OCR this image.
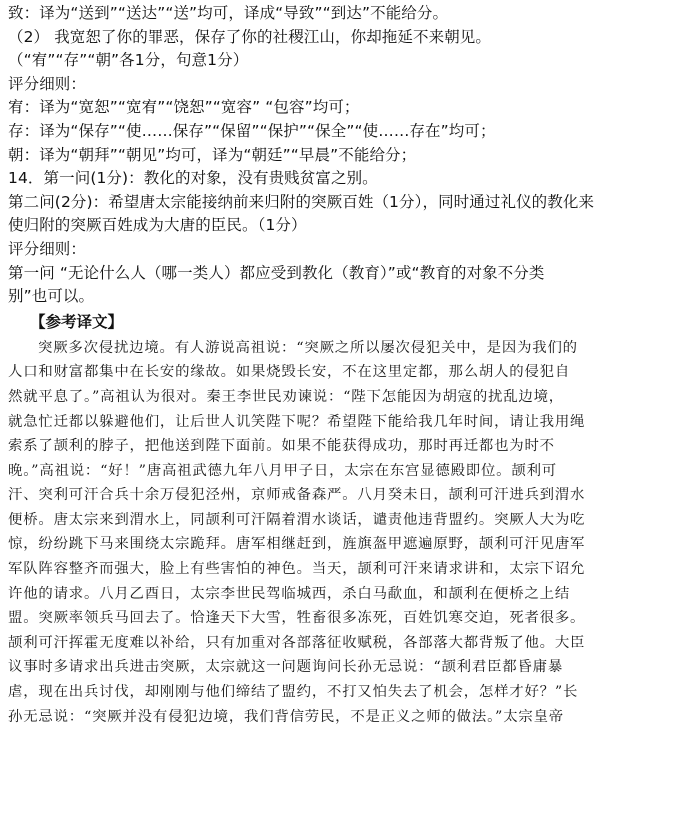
致：译为“送到”“送达”“送”均可，译成“导致”“到达”不能给分。
（2） 我宽恕了你的罪恶，保存了你的社稷江山，你却拖延不来朝见。
（“宥”“存”“朝”各1分，句意1分）
评分细则：
宥：译为“宽恕”“宽宥”“饶恕”“宽容” “包容”均可；
存：译为“保存”“使……保存”“保留”“保护”“保全”“使……存在”均可；
朝：译为“朝拜”“朝见”均可，译为“朝廷”“早晨”不能给分；
14．第一问(1分)：教化的对象，没有贵贱贫富之别。
第二问(2分)：希望唐太宗能接纳前来归附的突厥百姓（1分），同时通过礼仪的教化来
使归附的突厥百姓成为大唐的臣民。（1分）
评分细则：
第一问 “无论什么人（哪一类人）都应受到教化（教育）”或“教育的对象不分类
别”也可以。
【参考译文】
突厥多次侵扰边境。有人游说高祖说：“突厥之所以屡次侵犯关中，是因为我们的
人口和财富都集中在长安的缘故。如果烧毁长安，不在这里定都，那么胡人的侵犯自
然就平息了。”高祖认为很对。秦王李世民劝谏说：“陛下怎能因为胡寇的扰乱边境，
就急忙迁都以躲避他们，让后世人讥笑陛下呢？希望陛下能给我几年时间，请让我用绳
索系了颉利的脖子，把他送到陛下面前。如果不能获得成功，那时再迁都也为时不
晚。”高祖说：“好！”唐高祖武德九年八月甲子日，太宗在东宫显德殿即位。颉利可
汗、突利可汗合兵十余万侵犯泾州，京师戒备森严。八月癸未日，颉利可汗进兵到渭水
便桥。唐太宗来到渭水上，同颉利可汗隔着渭水谈话，谴责他违背盟约。突厥人大为吃
惊，纷纷跳下马来围绕太宗跪拜。唐军相继赶到，旌旗盔甲遮遍原野，颉利可汗见唐军
军队阵容整齐而强大，脸上有些害怕的神色。当天，颉利可汗来请求讲和，太宗下诏允
许他的请求。八月乙酉日，太宗李世民驾临城西，杀白马歃血，和颉利在便桥之上结
盟。突厥率领兵马回去了。恰逢天下大雪，牲畜很多冻死，百姓饥寒交迫，死者很多。
颉利可汗挥霍无度难以补给，只有加重对各部落征收赋税，各部落大都背叛了他。大臣
议事时多请求出兵进击突厥，太宗就这一问题询问长孙无忌说：“颉利君臣都昏庸暴
虐，现在出兵讨伐，却刚刚与他们缔结了盟约，不打又怕失去了机会，怎样才好？”长
孙无忌说：“突厥并没有侵犯边境，我们背信劳民，不是正义之师的做法。”太宗皇帝
